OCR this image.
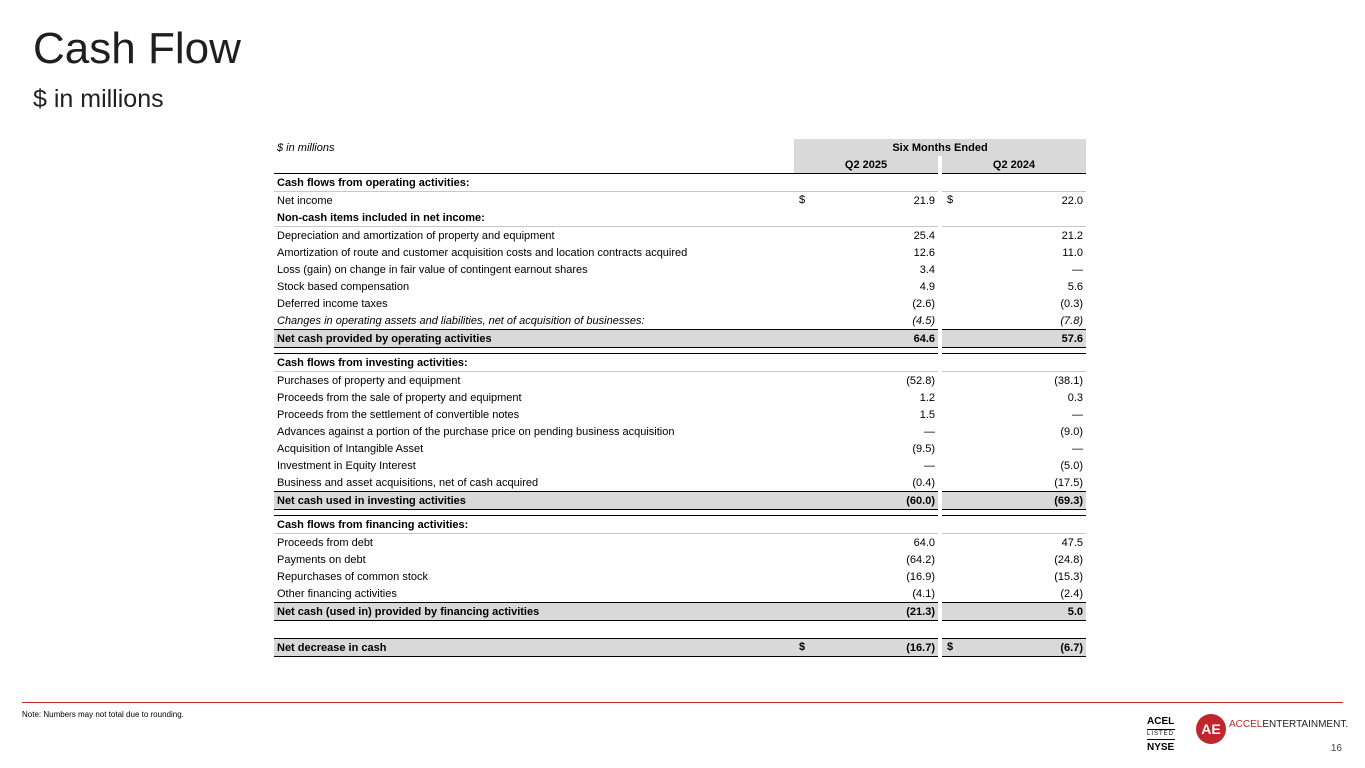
Cash Flow
$ in millions
$ in millions	Six Months Ended		
	Q2 2025		Q2 2024
Cash flows from operating activities:			
Net income	$ 21.9		$ 22.0
Non-cash items included in net income:			
Depreciation and amortization of property and equipment	25.4		21.2
Amortization of route and customer acquisition costs and location contracts acquired	12.6		11.0
Loss (gain) on change in fair value of contingent earnout shares	3.4		—
Stock based compensation	4.9		5.6
Deferred income taxes	(2.6)		(0.3)
Changes in operating assets and liabilities, net of acquisition of businesses:	(4.5)		(7.8)
Net cash provided by operating activities	64.6		57.6

Cash flows from investing activities:			
Purchases of property and equipment	(52.8)		(38.1)
Proceeds from the sale of property and equipment	1.2		0.3
Proceeds from the settlement of convertible notes	1.5		—
Advances against a portion of the purchase price on pending business acquisition	—		(9.0)
Acquisition of Intangible Asset	(9.5)		—
Investment in Equity Interest	—		(5.0)
Business and asset acquisitions, net of cash acquired	(0.4)		(17.5)
Net cash used in investing activities	(60.0)		(69.3)

Cash flows from financing activities:			
Proceeds from debt	64.0		47.5
Payments on debt	(64.2)		(24.8)
Repurchases of common stock	(16.9)		(15.3)
Other financing activities	(4.1)		(2.4)
Net cash (used in) provided by financing activities	(21.3)		5.0

Net decrease in cash	$ (16.7)		$ (6.7)
Note: Numbers may not total due to rounding.
ACEL
LISTED
NYSE
AE ACCELENTERTAINMENT.
16
